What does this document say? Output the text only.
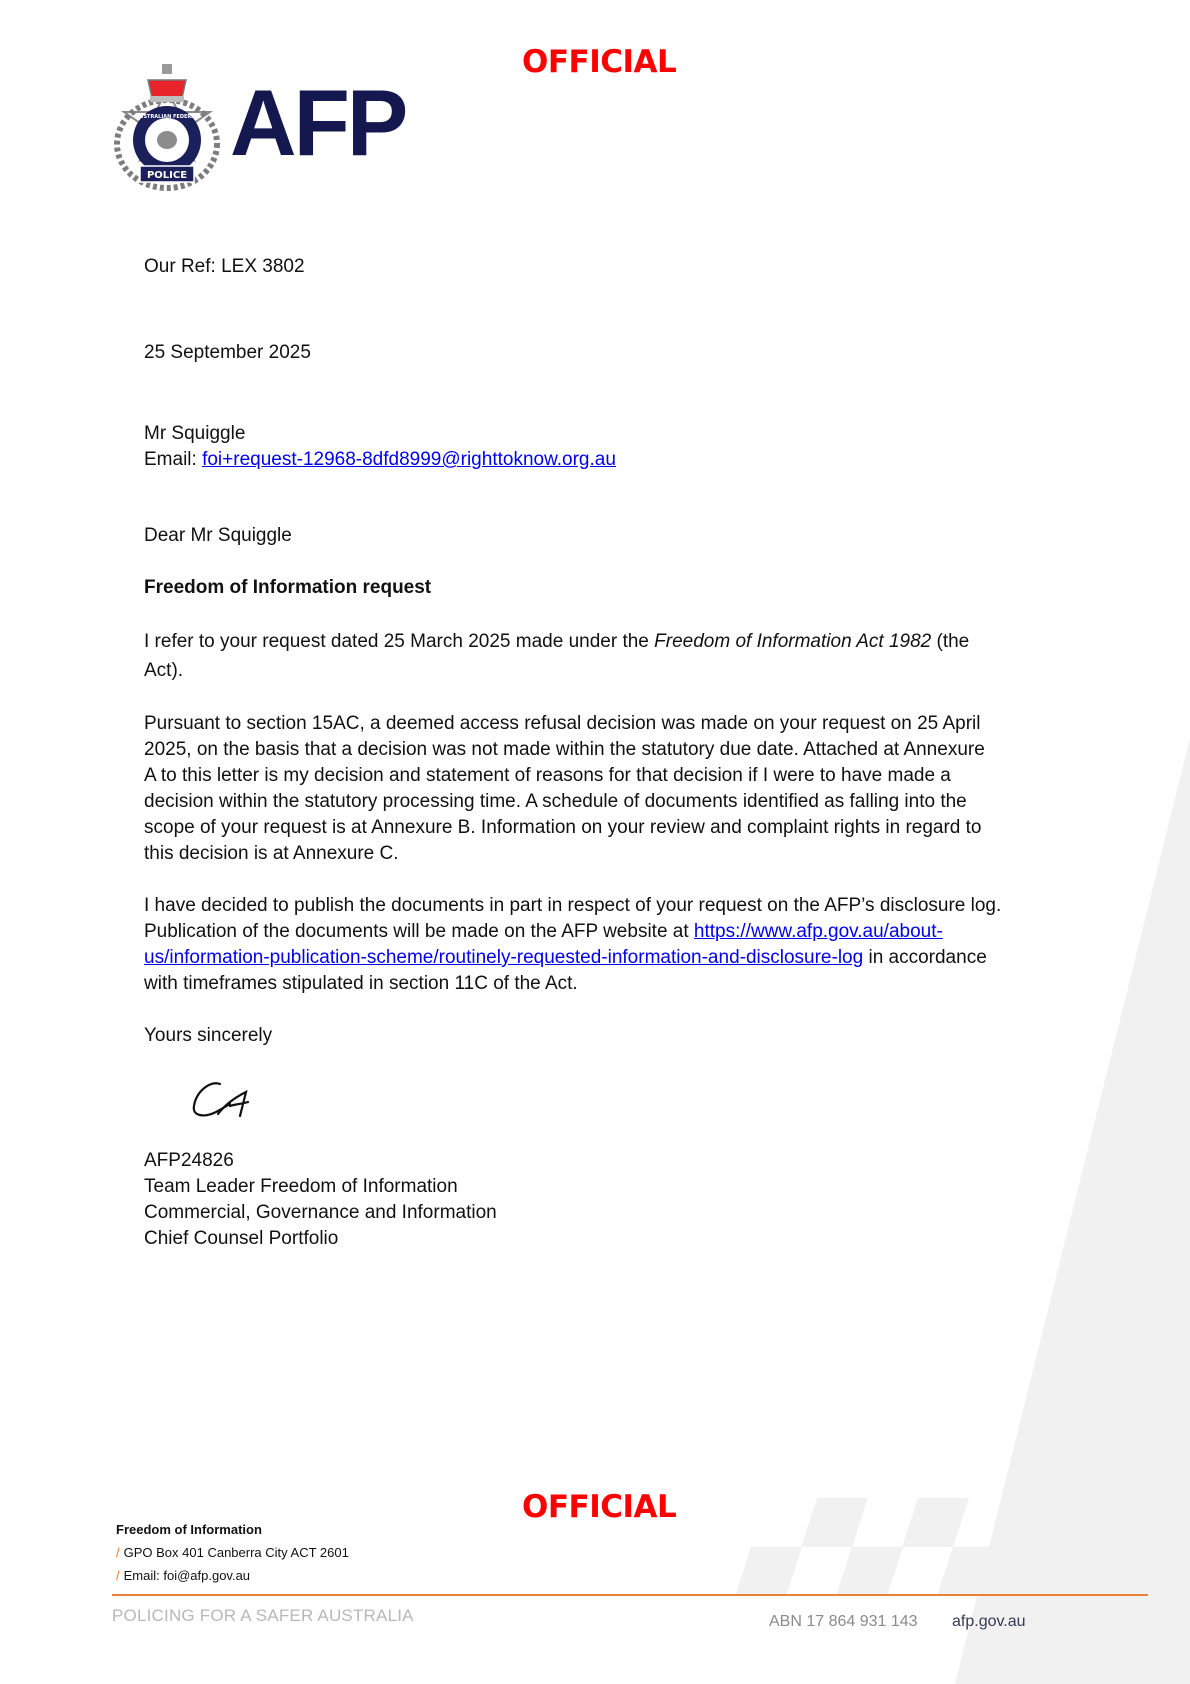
OFFICIAL
POLICE
AUSTRALIAN FEDERAL AFP
Our Ref: LEX 3802
25 September 2025

Mr Squiggle

Email: foi+request-12968-8dfd8999@righttoknow.org.au

Dear Mr Squiggle
Freedom of Information request

I refer to your request dated 25 March 2025 made under the Freedom of Information Act 1982 (the

Act).

Pursuant to section 15AC, a deemed access refusal decision was made on your request on 25 April

2025, on the basis that a decision was not made within the statutory due date. Attached at Annexure

A to this letter is my decision and statement of reasons for that decision if I were to have made a

decision within the statutory processing time. A schedule of documents identified as falling into the

scope of your request is at Annexure B. Information on your review and complaint rights in regard to

this decision is at Annexure C.

I have decided to publish the documents in part in respect of your request on the AFP’s disclosure log.

Publication of the documents will be made on the AFP website at https://www.afp.gov.au/about-

us/information-publication-scheme/routinely-requested-information-and-disclosure-log in accordance

with timeframes stipulated in section 11C of the Act.

Yours sincerely

AFP24826

Team Leader Freedom of Information

Commercial, Governance and Information

Chief Counsel Portfolio

OFFICIAL
Freedom of Information
/ GPO Box 401 Canberra City ACT 2601
/ Email: foi@afp.gov.au
POLICING FOR A SAFER AUSTRALIA	ABN 17 864 931 143 afp.gov.au
